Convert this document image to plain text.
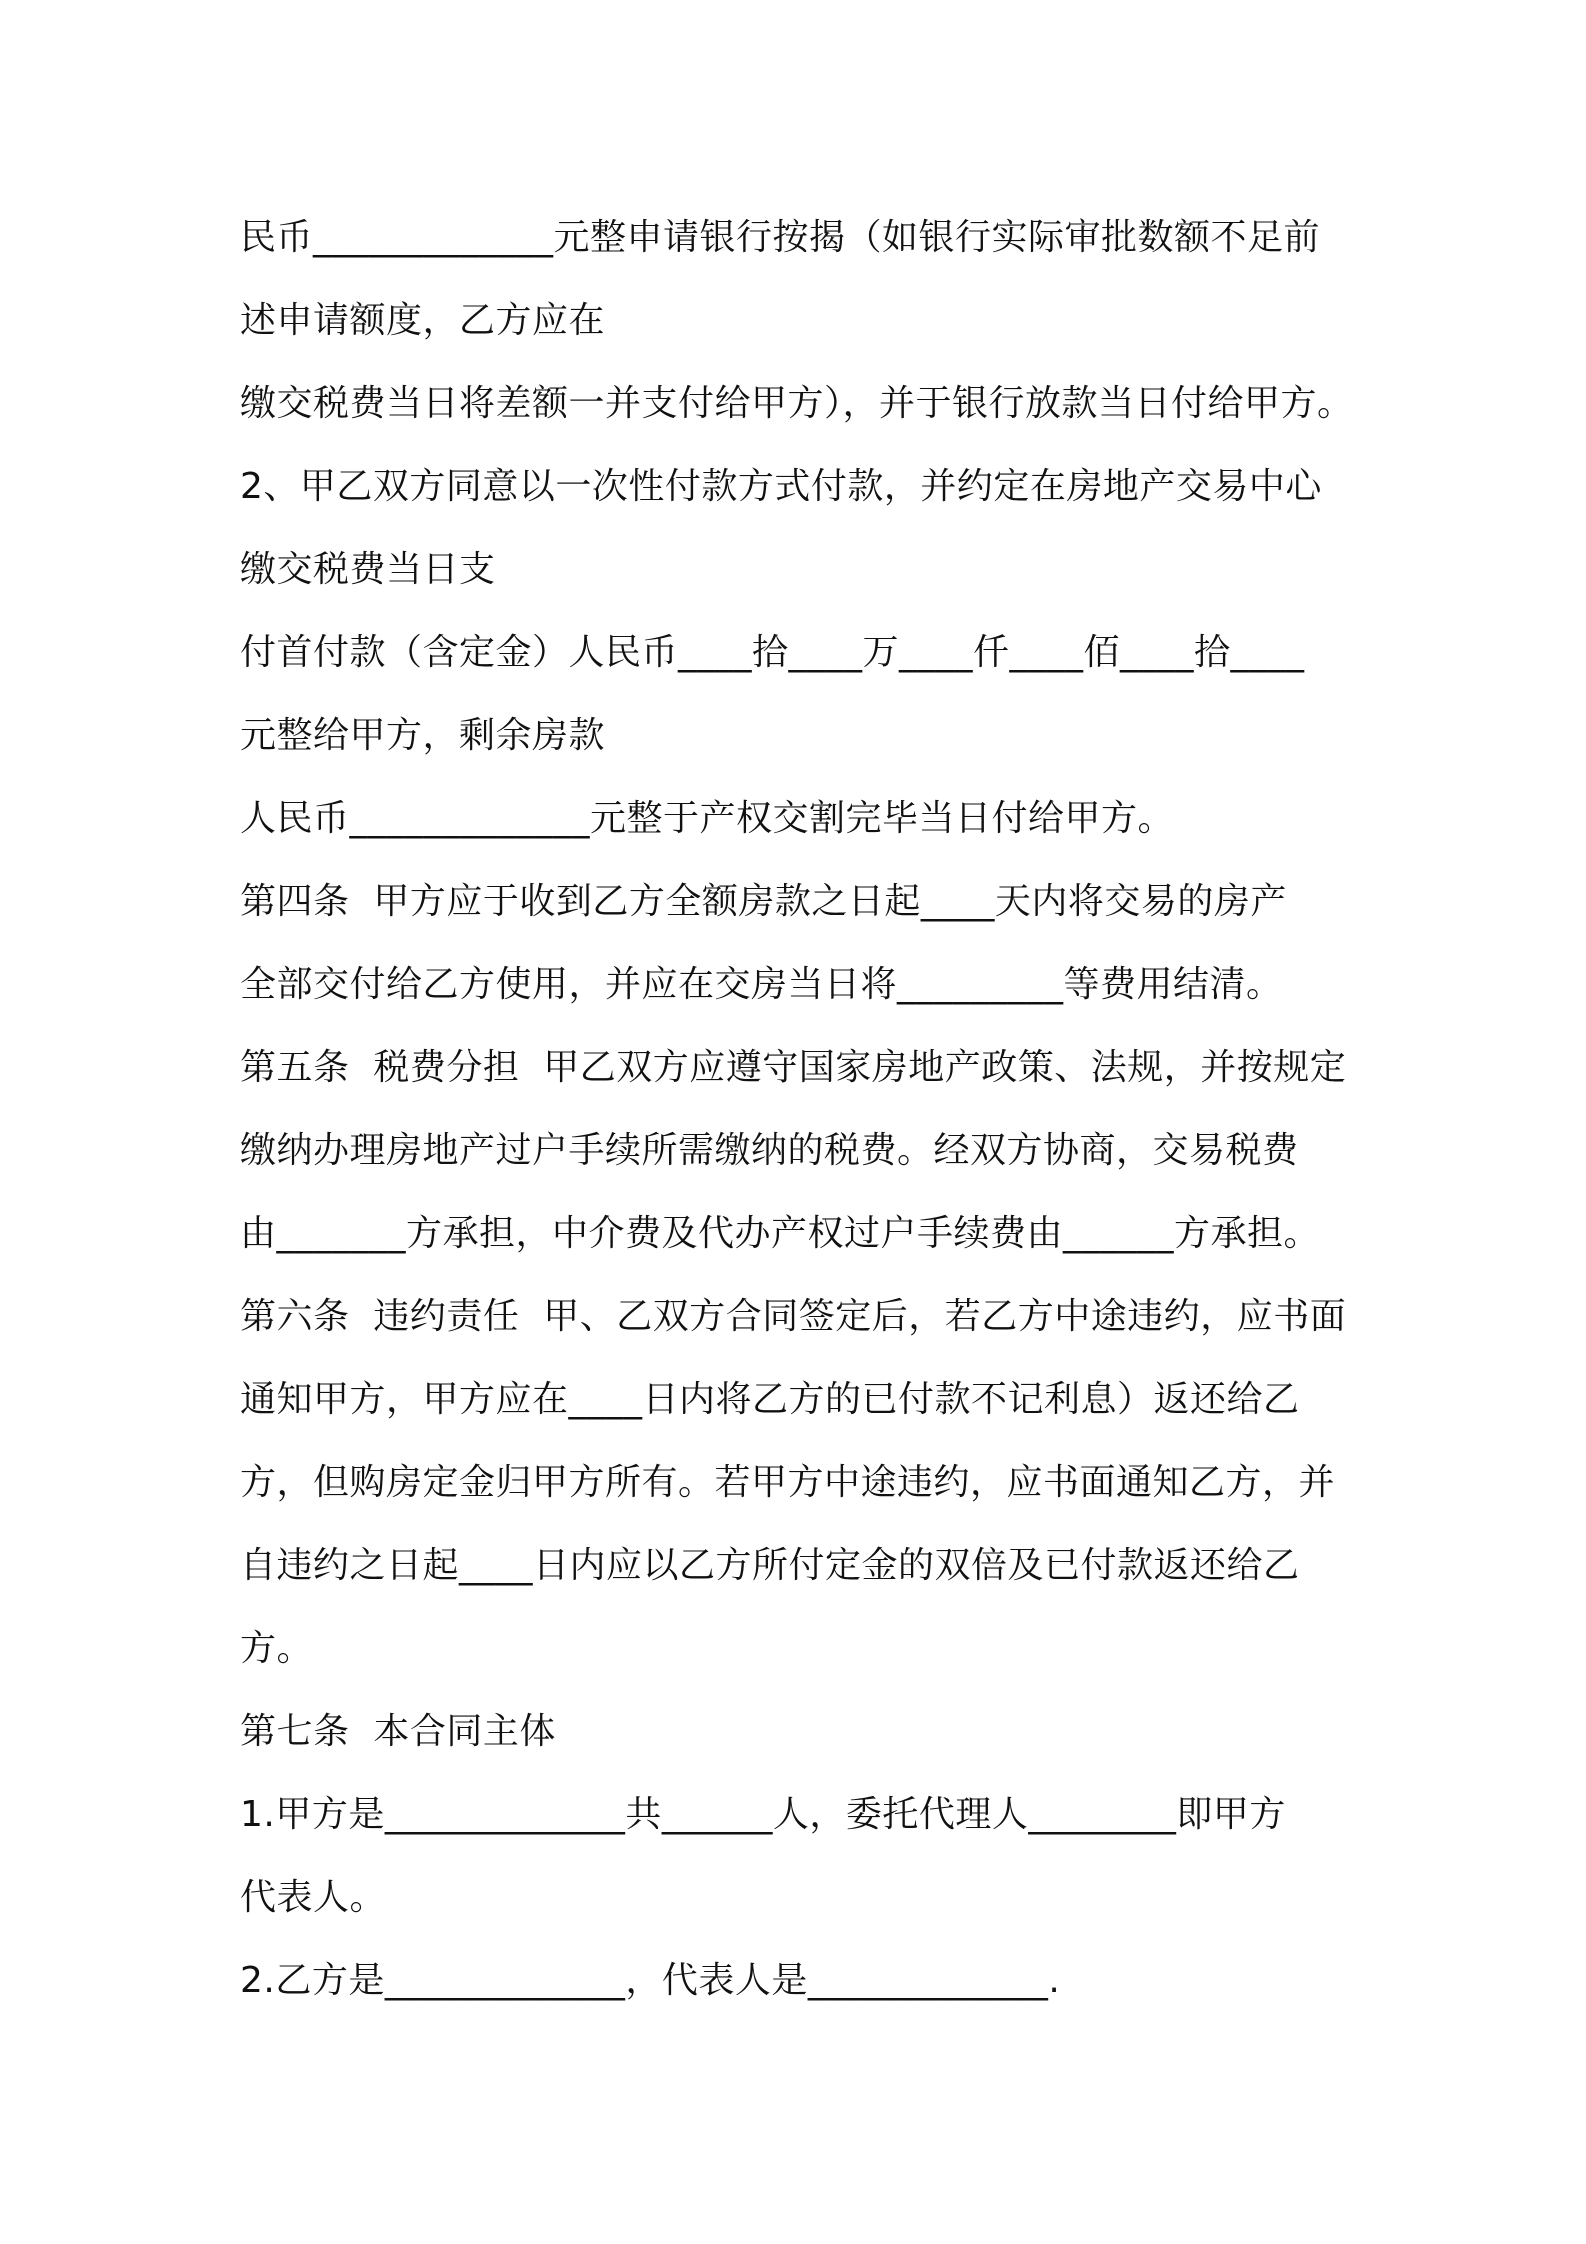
民币_____________元整申请银行按揭（如银行实际审批数额不足前
述申请额度，乙方应在
缴交税费当日将差额一并支付给甲方），并于银行放款当日付给甲方。
2、甲乙双方同意以一次性付款方式付款，并约定在房地产交易中心
缴交税费当日支
付首付款（含定金）人民币____拾____万____仟____佰____拾____
元整给甲方，剩余房款
人民币_____________元整于产权交割完毕当日付给甲方。
第四条  甲方应于收到乙方全额房款之日起____天内将交易的房产
全部交付给乙方使用，并应在交房当日将_________等费用结清。
第五条  税费分担  甲乙双方应遵守国家房地产政策、法规，并按规定
缴纳办理房地产过户手续所需缴纳的税费。经双方协商，交易税费
由_______方承担，中介费及代办产权过户手续费由______方承担。
第六条  违约责任  甲、乙双方合同签定后，若乙方中途违约，应书面
通知甲方，甲方应在____日内将乙方的已付款不记利息）返还给乙
方，但购房定金归甲方所有。若甲方中途违约，应书面通知乙方，并
自违约之日起____日内应以乙方所付定金的双倍及已付款返还给乙
方。
第七条  本合同主体
1.甲方是_____________共______人，委托代理人________即甲方
代表人。
2.乙方是_____________，代表人是_____________.
